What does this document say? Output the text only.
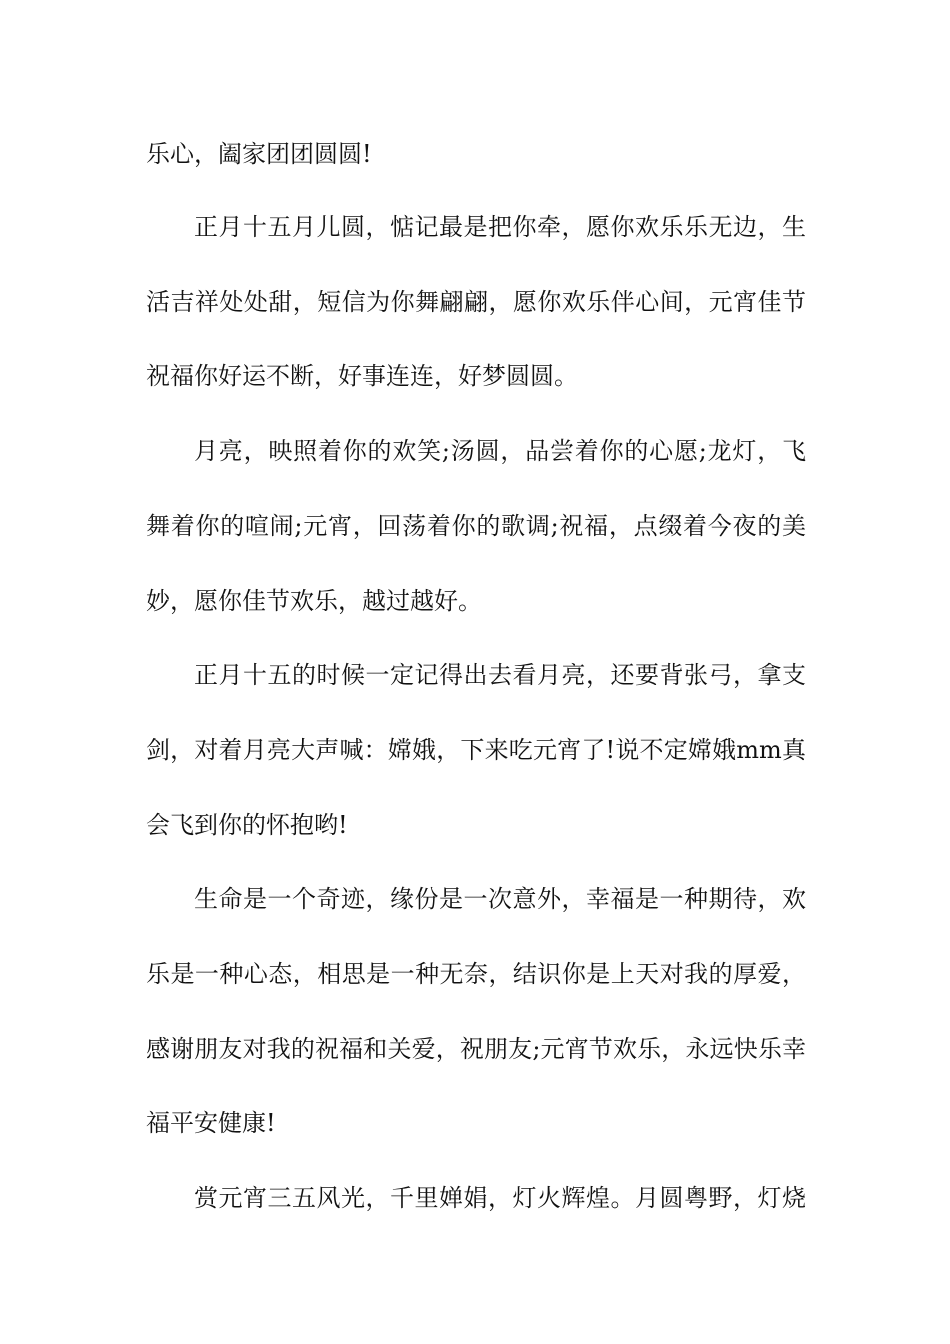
乐心，阖家团团圆圆!
正月十五月儿圆，惦记最是把你牵，愿你欢乐乐无边，生
活吉祥处处甜，短信为你舞翩翩，愿你欢乐伴心间，元宵佳节
祝福你好运不断，好事连连，好梦圆圆。
月亮，映照着你的欢笑;汤圆，品尝着你的心愿;龙灯，飞
舞着你的喧闹;元宵，回荡着你的歌调;祝福，点缀着今夜的美
妙，愿你佳节欢乐，越过越好。
正月十五的时候一定记得出去看月亮，还要背张弓，拿支
剑，对着月亮大声喊：嫦娥，下来吃元宵了!说不定嫦娥mm真
会飞到你的怀抱哟!
生命是一个奇迹，缘份是一次意外，幸福是一种期待，欢
乐是一种心态，相思是一种无奈，结识你是上天对我的厚爱，
感谢朋友对我的祝福和关爱，祝朋友;元宵节欢乐，永远快乐幸
福平安健康!
赏元宵三五风光，千里婵娟，灯火辉煌。月圆粤野，灯烧
